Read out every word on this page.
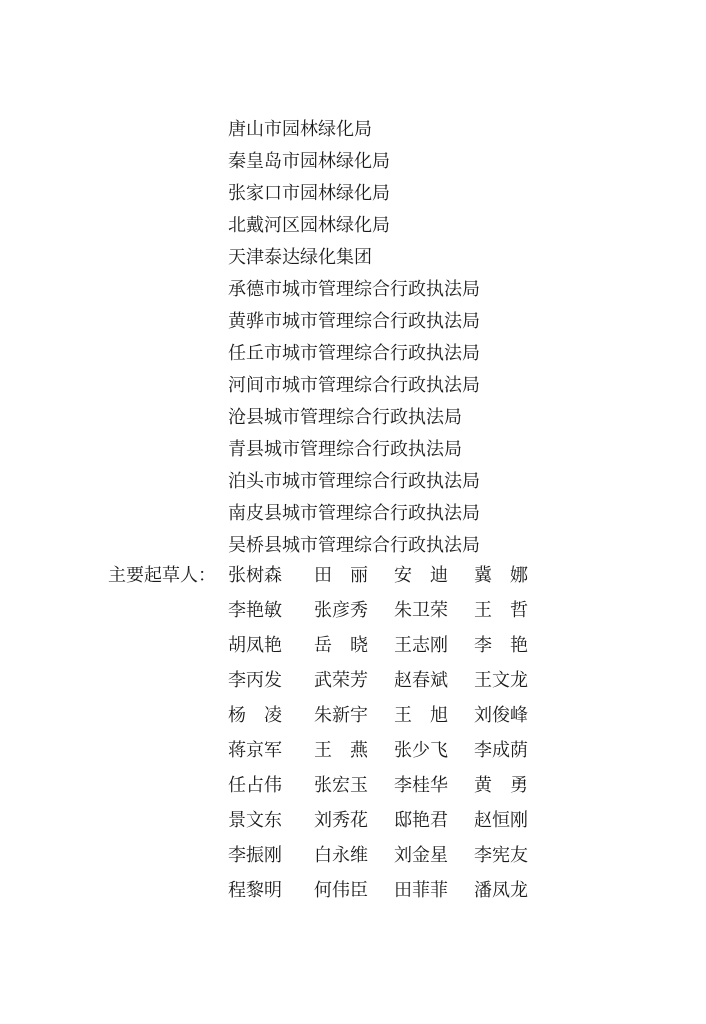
唐山市园林绿化局
秦皇岛市园林绿化局
张家口市园林绿化局
北戴河区园林绿化局
天津泰达绿化集团
承德市城市管理综合行政执法局
黄骅市城市管理综合行政执法局
任丘市城市管理综合行政执法局
河间市城市管理综合行政执法局
沧县城市管理综合行政执法局
青县城市管理综合行政执法局
泊头市城市管理综合行政执法局
南皮县城市管理综合行政执法局
吴桥县城市管理综合行政执法局
主要起草人： 张树森 田　丽 安　迪 冀　娜
李艳敏 张彦秀 朱卫荣 王　哲
胡凤艳 岳　晓 王志刚 李　艳
李丙发 武荣芳 赵春斌 王文龙
杨　凌 朱新宇 王　旭 刘俊峰
蒋京军 王　燕 张少飞 李成荫
任占伟 张宏玉 李桂华 黄　勇
景文东 刘秀花 邸艳君 赵恒刚
李振刚 白永维 刘金星 李宪友
程黎明 何伟臣 田菲菲 潘凤龙
